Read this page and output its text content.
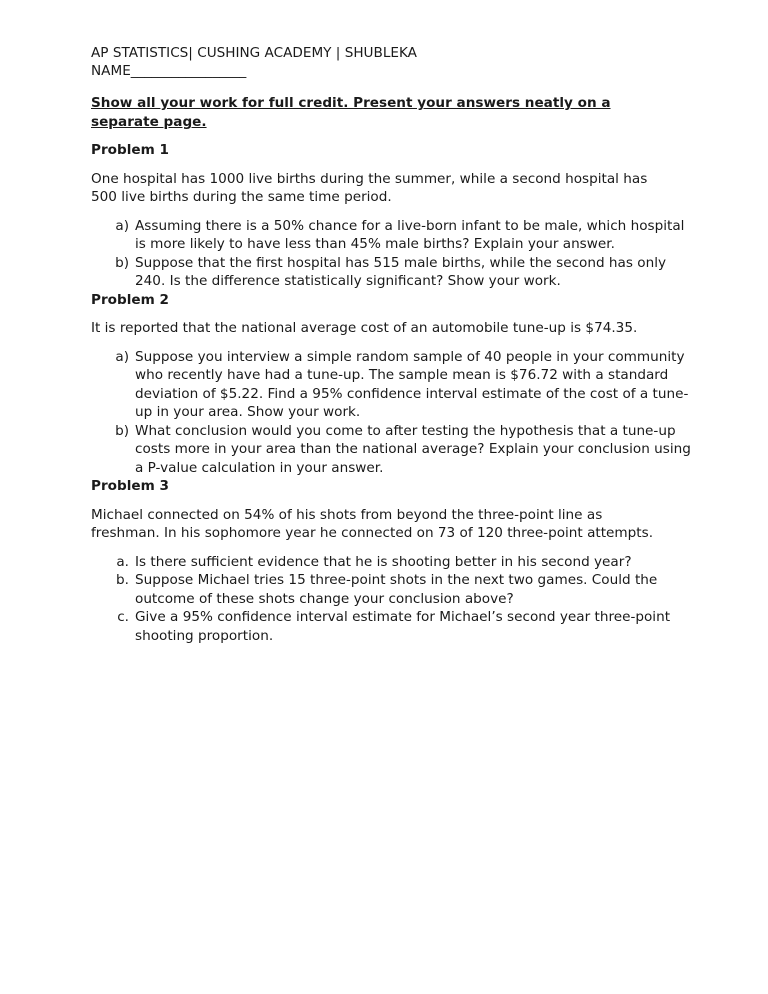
AP STATISTICS| CUSHING ACADEMY | SHUBLEKA

NAME_________________

Show all your work for full credit. Present your answers neatly on a separate page.

Problem 1

One hospital has 1000 live births during the summer, while a second hospital has 500 live births during the same time period.

a) Assuming there is a 50% chance for a live-born infant to be male, which hospital is more likely to have less than 45% male births? Explain your answer.
b) Suppose that the first hospital has 515 male births, while the second has only 240. Is the difference statistically significant? Show your work.

Problem 2

It is reported that the national average cost of an automobile tune-up is $74.35.

a) Suppose you interview a simple random sample of 40 people in your community who recently have had a tune-up. The sample mean is $76.72 with a standard deviation of $5.22. Find a 95% confidence interval estimate of the cost of a tune-up in your area. Show your work.
b) What conclusion would you come to after testing the hypothesis that a tune-up costs more in your area than the national average? Explain your conclusion using a P-value calculation in your answer.

Problem 3

Michael connected on 54% of his shots from beyond the three-point line as freshman. In his sophomore year he connected on 73 of 120 three-point attempts.

a. Is there sufficient evidence that he is shooting better in his second year?
b. Suppose Michael tries 15 three-point shots in the next two games. Could the outcome of these shots change your conclusion above?
c. Give a 95% confidence interval estimate for Michael’s second year three-point shooting proportion.
